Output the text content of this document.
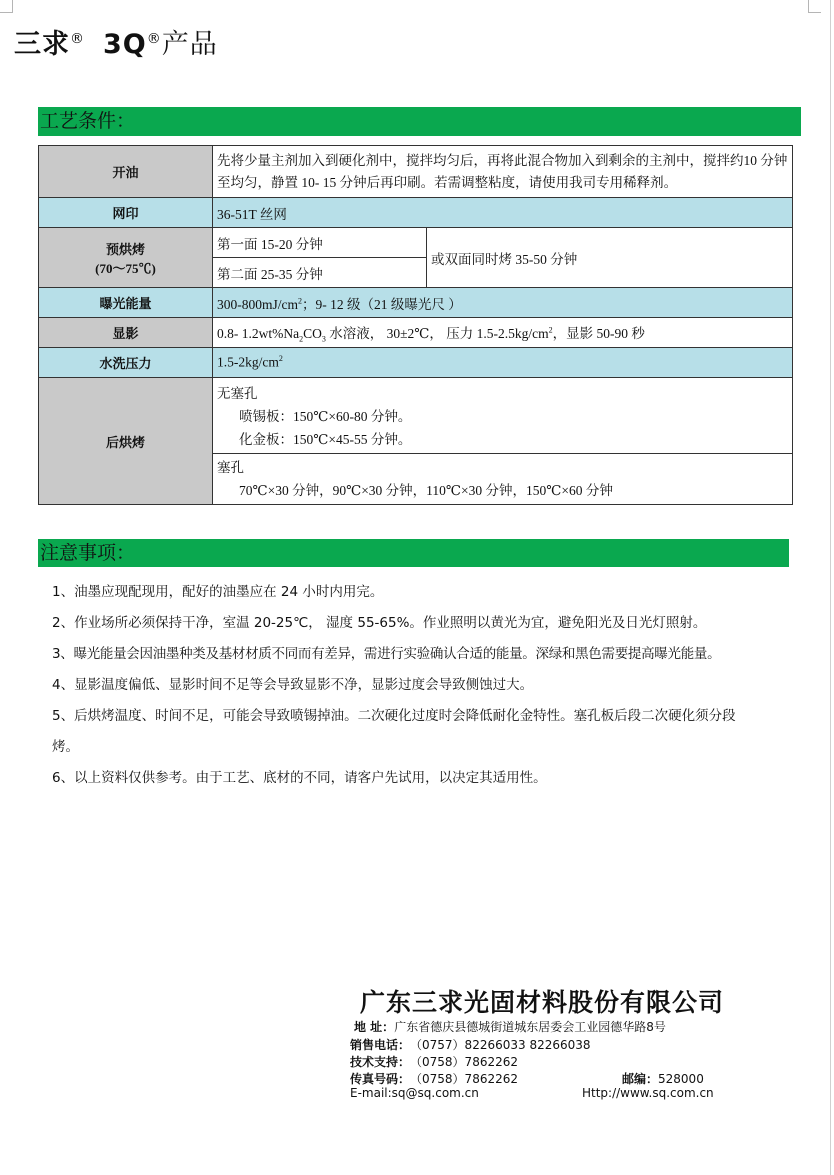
三求® 3Q®产品
工艺条件：
开油	先将少量主剂加入到硬化剂中，搅拌均匀后，再将此混合物加入到剩余的主剂中，搅拌约10 分钟至均匀，静置 10- 15 分钟后再印刷。若需调整粘度，请使用我司专用稀释剂。	
网印	36-51T 丝网	

预烘烤
(70～75℃)	第一面 15-20 分钟	或双面同时烤 35-50 分钟
	第二面 25-35 分钟	
曝光能量	$300-800mJ/cm^2$；9- 12 级（21 级曝光尺 ）	
显影	0.8- $1.2wt\%Na_2CO_3$ 水溶液， 30±2℃， 压力 $1.5-2.5kg/cm^2$，显影 50-90 秒	
水洗压力	$1.5-2kg/cm^2$
后烘烤	无塞孔
喷锡板：150℃×60-80 分钟。
化金板：150℃×45-55 分钟。
塞孔
70℃×30 分钟，90℃×30 分钟，110℃×30 分钟，150℃×60 分钟	
注意事项：

1、油墨应现配现用，配好的油墨应在 24 小时内用完。

2、作业场所必须保持干净，室温 20-25℃， 湿度 55-65%。作业照明以黄光为宜，避免阳光及日光灯照射。

3、曝光能量会因油墨种类及基材材质不同而有差异，需进行实验确认合适的能量。深绿和黑色需要提高曝光能量。

4、显影温度偏低、显影时间不足等会导致显影不净，显影过度会导致侧蚀过大。

5、后烘烤温度、时间不足，可能会导致喷锡掉油。二次硬化过度时会降低耐化金特性。塞孔板后段二次硬化须分段

烤。

6、以上资料仅供参考。由于工艺、底材的不同，请客户先试用，以决定其适用性。

广东三求光固材料股份有限公司
地 址：广东省德庆县德城街道城东居委会工业园德华路8号
销售电话：（0757）82266033 82266038
技术支持：（0758）7862262
传真号码：（0758）7862262	邮编：528000
E-mail:sq@sq.com.cn	Http://www.sq.com.cn
